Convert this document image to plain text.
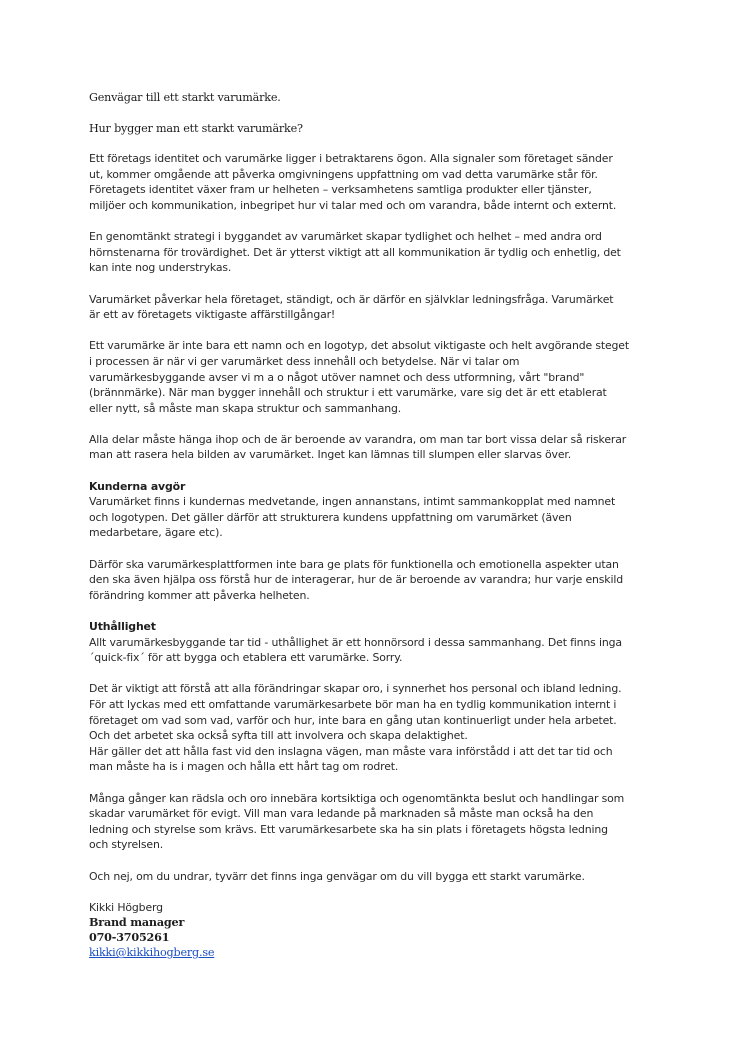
Genvägar till ett starkt varumärke.
Hur bygger man ett starkt varumärke?
Ett företags identitet och varumärke ligger i betraktarens ögon. Alla signaler som företaget sänder
ut, kommer omgående att påverka omgivningens uppfattning om vad detta varumärke står för.
Företagets identitet växer fram ur helheten – verksamhetens samtliga produkter eller tjänster,
miljöer och kommunikation, inbegripet hur vi talar med och om varandra, både internt och externt.
En genomtänkt strategi i byggandet av varumärket skapar tydlighet och helhet – med andra ord
hörnstenarna för trovärdighet. Det är ytterst viktigt att all kommunikation är tydlig och enhetlig, det
kan inte nog understrykas.
Varumärket påverkar hela företaget, ständigt, och är därför en självklar ledningsfråga. Varumärket
är ett av företagets viktigaste affärstillgångar!
Ett varumärke är inte bara ett namn och en logotyp, det absolut viktigaste och helt avgörande steget
i processen är när vi ger varumärket dess innehåll och betydelse. När vi talar om
varumärkesbyggande avser vi m a o något utöver namnet och dess utformning, vårt "brand"
(brännmärke). När man bygger innehåll och struktur i ett varumärke, vare sig det är ett etablerat
eller nytt, så måste man skapa struktur och sammanhang.
Alla delar måste hänga ihop och de är beroende av varandra, om man tar bort vissa delar så riskerar
man att rasera hela bilden av varumärket. Inget kan lämnas till slumpen eller slarvas över.
Kunderna avgör
Varumärket finns i kundernas medvetande, ingen annanstans, intimt sammankopplat med namnet
och logotypen. Det gäller därför att strukturera kundens uppfattning om varumärket (även
medarbetare, ägare etc).
Därför ska varumärkesplattformen inte bara ge plats för funktionella och emotionella aspekter utan
den ska även hjälpa oss förstå hur de interagerar, hur de är beroende av varandra; hur varje enskild
förändring kommer att påverka helheten.
Uthållighet
Allt varumärkesbyggande tar tid - uthållighet är ett honnörsord i dessa sammanhang. Det finns inga
´quick-fix´ för att bygga och etablera ett varumärke. Sorry.
Det är viktigt att förstå att alla förändringar skapar oro, i synnerhet hos personal och ibland ledning.
För att lyckas med ett omfattande varumärkesarbete bör man ha en tydlig kommunikation internt i
företaget om vad som vad, varför och hur, inte bara en gång utan kontinuerligt under hela arbetet.
Och det arbetet ska också syfta till att involvera och skapa delaktighet.
Här gäller det att hålla fast vid den inslagna vägen, man måste vara införstådd i att det tar tid och
man måste ha is i magen och hålla ett hårt tag om rodret.
Många gånger kan rädsla och oro innebära kortsiktiga och ogenomtänkta beslut och handlingar som
skadar varumärket för evigt. Vill man vara ledande på marknaden så måste man också ha den
ledning och styrelse som krävs. Ett varumärkesarbete ska ha sin plats i företagets högsta ledning
och styrelsen.
Och nej, om du undrar, tyvärr det finns inga genvägar om du vill bygga ett starkt varumärke.
Kikki Högberg
Brand manager
070-3705261
kikki@kikkihogberg.se
